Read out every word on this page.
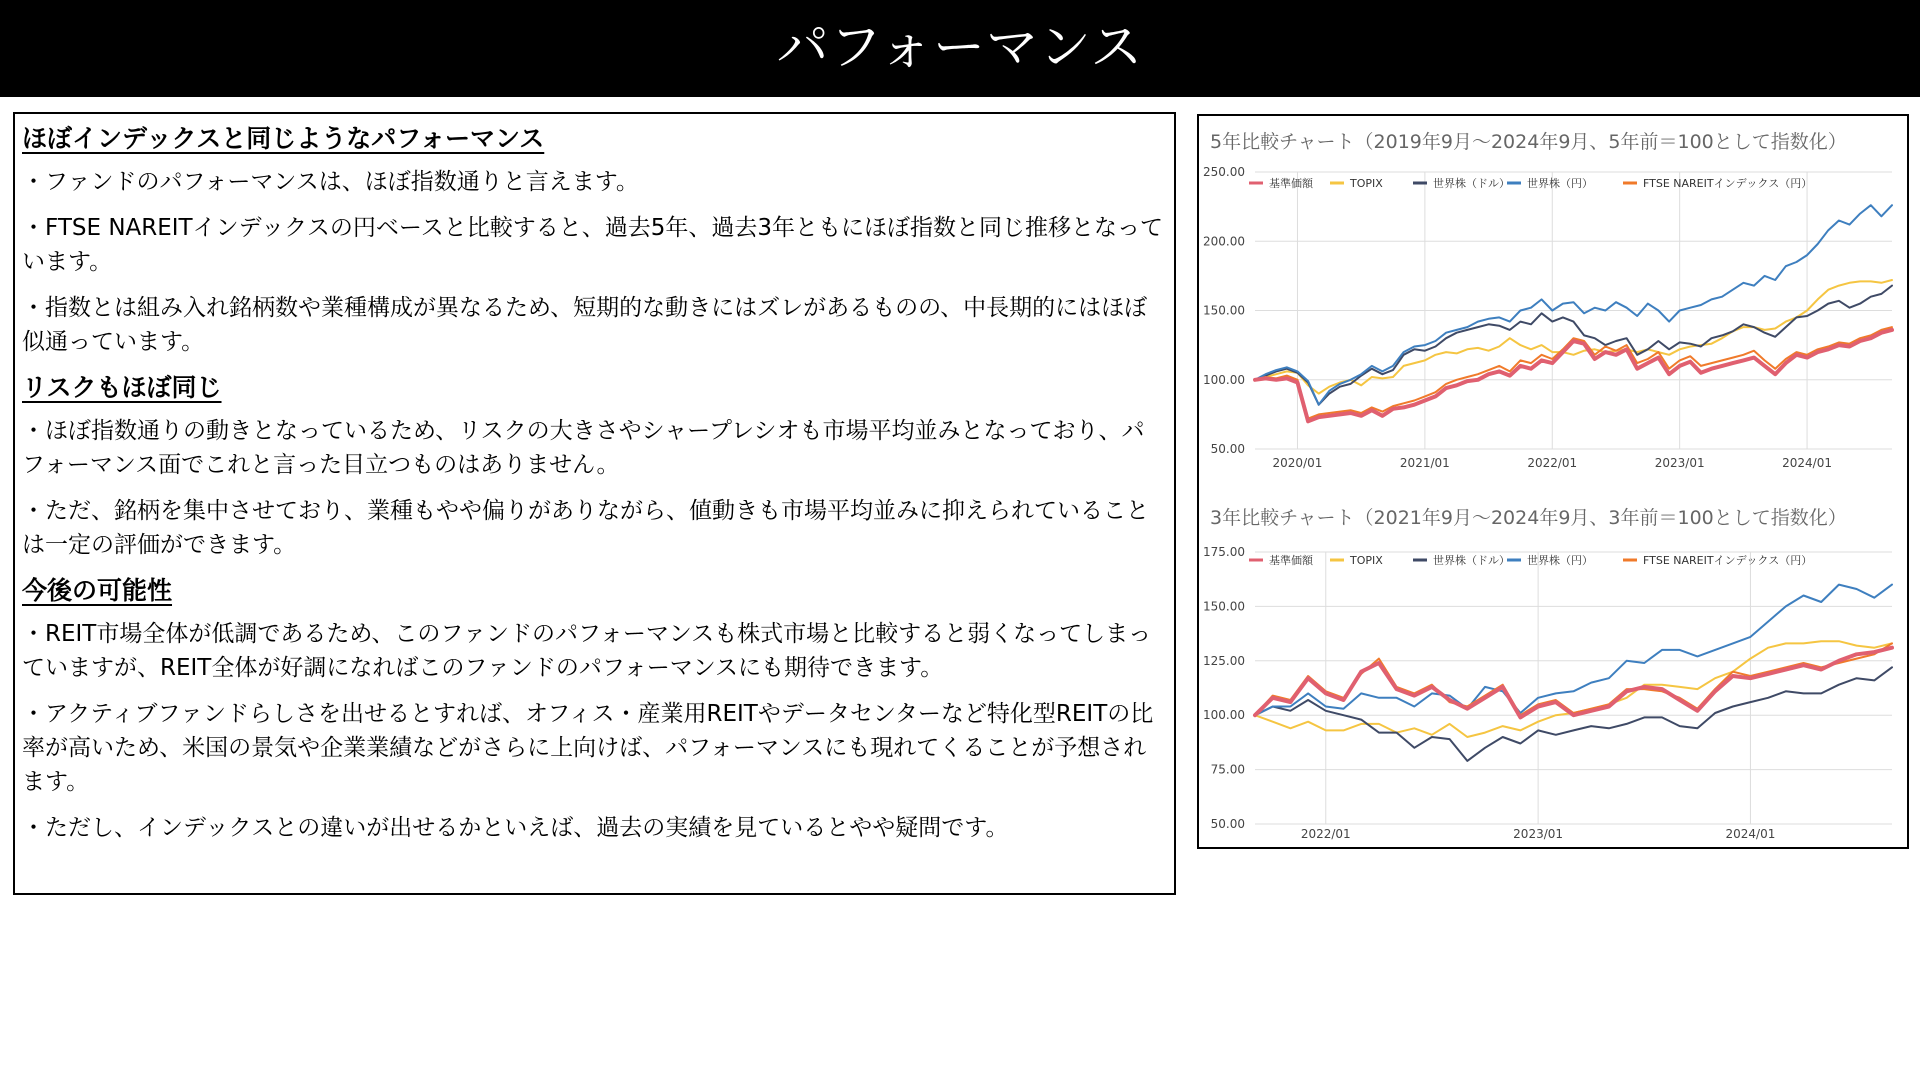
パフォーマンス
ほぼインデックスと同じようなパフォーマンス
・ファンドのパフォーマンスは、ほぼ指数通りと言えます。
・FTSE NAREITインデックスの円ベースと比較すると、過去5年、過去3年ともにほぼ指数と同じ推移となっています。
・指数とは組み入れ銘柄数や業種構成が異なるため、短期的な動きにはズレがあるものの、中長期的にはほぼ似通っています。
リスクもほぼ同じ
・ほぼ指数通りの動きとなっているため、リスクの大きさやシャープレシオも市場平均並みとなっており、パフォーマンス面でこれと言った目立つものはありません。
・ただ、銘柄を集中させており、業種もやや偏りがありながら、値動きも市場平均並みに抑えられていることは一定の評価ができます。
今後の可能性
・REIT市場全体が低調であるため、このファンドのパフォーマンスも株式市場と比較すると弱くなってしまっていますが、REIT全体が好調になればこのファンドのパフォーマンスにも期待できます。
・アクティブファンドらしさを出せるとすれば、オフィス・産業用REITやデータセンターなど特化型REITの比率が高いため、米国の景気や企業業績などがさらに上向けば、パフォーマンスにも現れてくることが予想されます。
・ただし、インデックスとの違いが出せるかといえば、過去の実績を見ているとやや疑問です。
5年比較チャート（2019年9月～2024年9月、5年前＝100として指数化）
3年比較チャート（2021年9月～2024年9月、3年前＝100として指数化）
250.00
200.00
150.00
100.00
50.00
2020/01	2021/01	2022/01	2023/01	2024/01
基準価額	TOPIX	世界株（ドル） 世界株（円）	FTSE NAREITインデックス（円）
175.00
150.00
125.00
100.00
75.00
50.00
2022/01	2023/01	2024/01
基準価額	TOPIX	世界株（ドル） 世界株（円）	FTSE NAREITインデックス（円）
